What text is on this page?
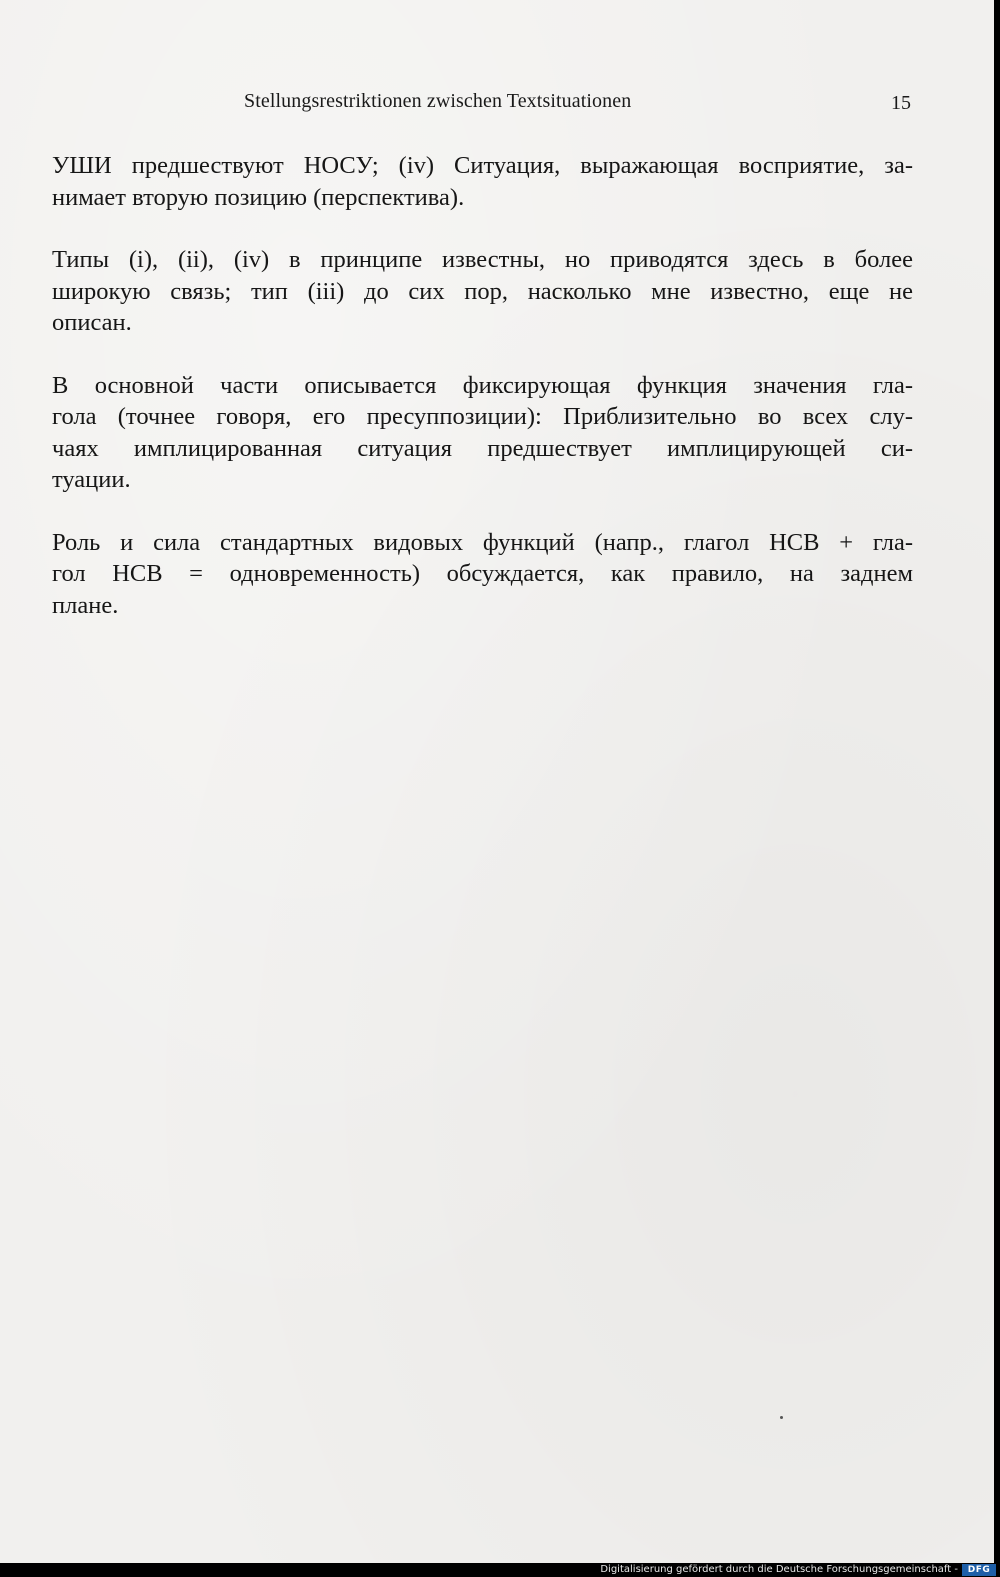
Stellungsrestriktionen zwischen Textsituationen	15

УШИ предшествуют НОСУ; (iv) Ситуация, выражающая восприятие, за-
нимает вторую позицию (перспектива).

Типы (i), (ii), (iv) в принципе известны, но приводятся здесь в более
широкую связь; тип (iii) до сих пор, насколько мне известно, еще не
описан.

В основной части описывается фиксирующая функция значения гла-
гола (точнее говоря, его пресуппозиции): Приблизительно во всех слу-
чаях имплицированная ситуация предшествует имплицирующей си-
туации.

Роль и сила стандартных видовых функций (напр., глагол НСВ + гла-
гол НСВ = одновременность) обсуждается, как правило, на заднем
плане.

Digitalisierung gefördert durch die Deutsche Forschungsgemeinschaft -	DFG
